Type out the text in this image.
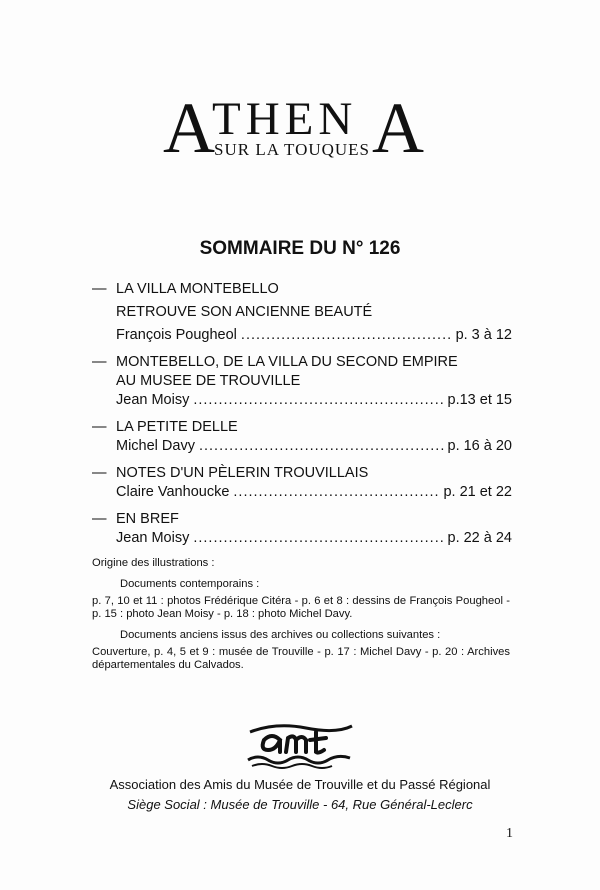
A
THEN A
SUR LA TOUQUES
SOMMAIRE DU N° 126
— LA VILLA MONTEBELLO
RETROUVE SON ANCIENNE BEAUTÉ
François Pougheol .....	p. 3 à 12
— MONTEBELLO, DE LA VILLA DU SECOND EMPIRE
AU MUSEE DE TROUVILLE
Jean Moisy .....	p.13 et 15
— LA PETITE DELLE
Michel Davy .....	p. 16 à 20
— NOTES D'UN PÈLERIN TROUVILLAIS
Claire Vanhoucke .....	p. 21 et 22
— EN BREF
Jean Moisy .....	p. 22 à 24
Origine des illustrations :
Documents contemporains :
p. 7, 10 et 11 : photos Frédérique Citéra - p. 6 et 8 : dessins de François Pougheol - p. 15 : photo Jean Moisy - p. 18 : photo Michel Davy.
Documents anciens issus des archives ou collections suivantes :
Couverture, p. 4, 5 et 9 : musée de Trouville - p. 17 : Michel Davy - p. 20 : Archives départementales du Calvados.
amt
Association des Amis du Musée de Trouville et du Passé Régional
Siège Social : Musée de Trouville - 64, Rue Général-Leclerc
1
